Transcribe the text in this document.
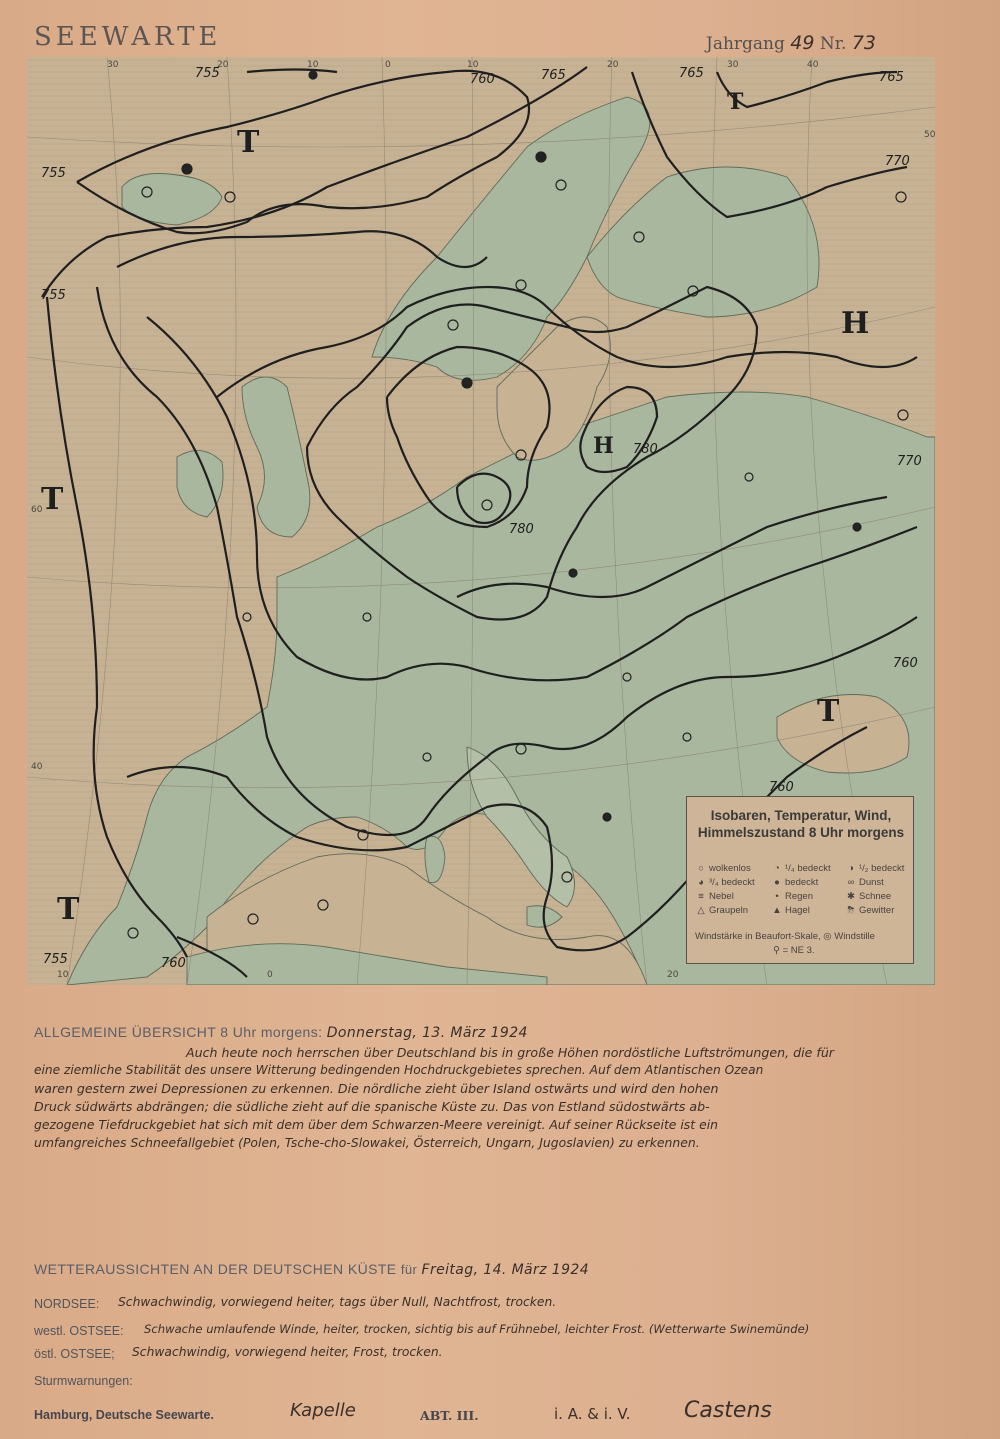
SEEWARTE	Jahrgang 49 Nr. 73
30	20	10	0	10	20	30	40
50
60
40
10	0	20
755	760	765	765	765
770
770
780
780
760
760
755	760
755
755
T
T
T
T
T
H
H
Isobaren, Temperatur, Wind,
Himmelszustand 8 Uhr morgens
○ wolkenlos	◔ ¹/₄ bedeckt	◑ ¹/₂ bedeckt
◕ ³/₄ bedeckt	● bedeckt	∞ Dunst
≡ Nebel	• Regen	✱ Schnee
△ Graupeln	▲ Hagel	⛈ Gewitter
Windstärke in Beaufort-Skale, ◎ Windstille
⚲ = NE 3.
ALLGEMEINE ÜBERSICHT 8 Uhr morgens: Donnerstag, 13. März 1924
Auch heute noch herrschen über Deutschland bis in große Höhen nordöstliche Luftströmungen, die für
eine ziemliche Stabilität des unsere Witterung bedingenden Hochdruckgebietes sprechen. Auf dem Atlantischen Ozean
waren gestern zwei Depressionen zu erkennen. Die nördliche zieht über Island ostwärts und wird den hohen
Druck südwärts abdrängen; die südliche zieht auf die spanische Küste zu. Das von Estland südostwärts ab-
gezogene Tiefdruckgebiet hat sich mit dem über dem Schwarzen-Meere vereinigt. Auf seiner Rückseite ist ein
umfangreiches Schneefallgebiet (Polen, Tsche-cho-Slowakei, Österreich, Ungarn, Jugoslavien) zu erkennen.
WETTERAUSSICHTEN AN DER DEUTSCHEN KÜSTE für Freitag, 14. März 1924
NORDSEE: Schwachwindig, vorwiegend heiter, tags über Null, Nachtfrost, trocken.
westl. OSTSEE: Schwache umlaufende Winde, heiter, trocken, sichtig bis auf Frühnebel, leichter Frost. (Wetterwarte Swinemünde)
östl. OSTSEE; Schwachwindig, vorwiegend heiter, Frost, trocken.
Sturmwarnungen:
Hamburg, Deutsche Seewarte.	Kapelle	ABT. III.	i. A. & i. V. Castens
